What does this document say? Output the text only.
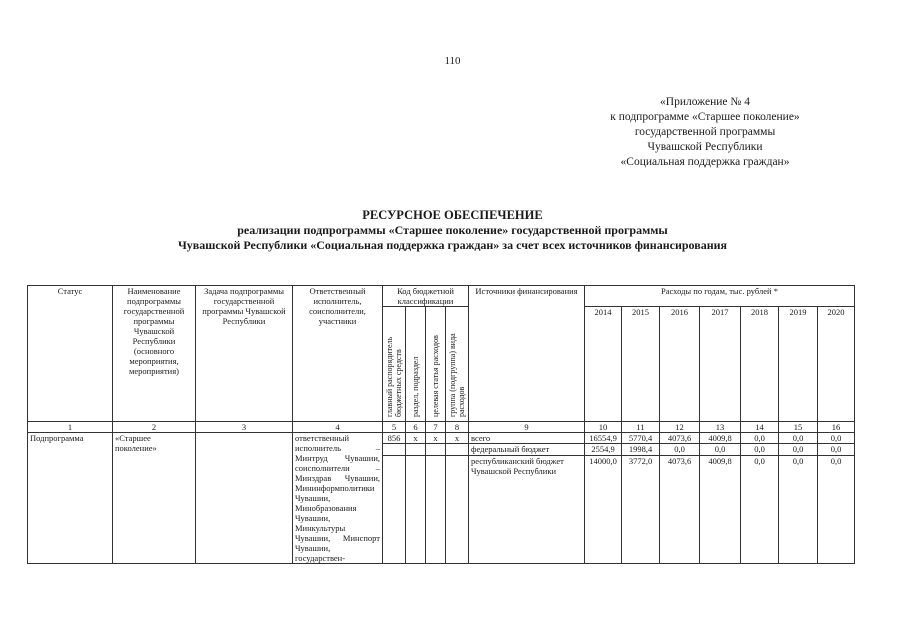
110
«Приложение № 4
к подпрограмме «Старшее поколение»
государственной программы
Чувашской Республики
«Социальная поддержка граждан»
РЕСУРСНОЕ ОБЕСПЕЧЕНИЕ
реализации подпрограммы «Старшее поколение» государственной программы
Чувашской Республики «Социальная поддержка граждан» за счет всех источников финансирования
Статус	Наименование подпрограммы государственной программы Чувашской Республики (основного мероприятия, мероприятия)	Задача подпрограммы государственной программы Чувашской Республики	Ответственный исполнитель, соисполнители, участники	Код бюджетной классификации				Источники финансирования	Расходы по годам, тыс. рублей *						

				главный распорядитель бюджетных средств	раздел, подраздел	целевая статья расходов	группа (подгруппа) вида расходов		2014	2015	2016	2017	2018	2019	2020

1	2	3	4	5	6	7	8	9	10	11	12	13	14	15	16
Подпрограмма	«Старшее поколение»		ответственный исполнитель – Минтруд Чувашии, соисполнители – Минздрав Чувашии, Мининформполитики Чувашии, Минобразования Чувашии, Минкультуры Чувашии, Минспорт Чувашии, государствен-	856	x	x	x	всего	16554,9	5770,4	4073,6	4009,8	0,0	0,0	0,0
								федеральный бюджет	2554,9	1998,4	0,0	0,0	0,0	0,0	0,0
								республиканский бюджет Чувашской Республики	14000,0	3772,0	4073,6	4009,8	0,0	0,0	0,0
